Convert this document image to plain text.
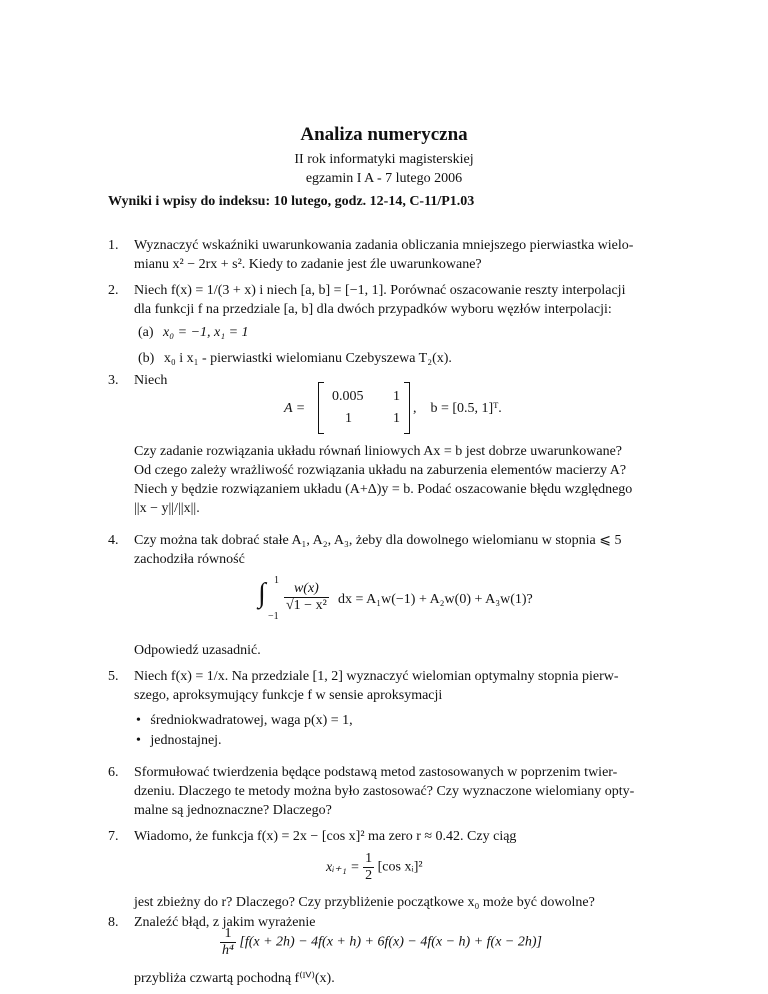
Analiza numeryczna
II rok informatyki magisterskiej
egzamin I A - 7 lutego 2006
Wyniki i wpisy do indeksu: 10 lutego, godz. 12-14, C-11/P1.03
1. Wyznaczyć wskaźniki uwarunkowania zadania obliczania mniejszego pierwiastka wielo-

mianu x² − 2rx + s². Kiedy to zadanie jest źle uwarunkowane?

2. Niech f(x) = 1/(3 + x) i niech [a, b] = [−1, 1]. Porównać oszacowanie reszty interpolacji

dla funkcji f na przedziale [a, b] dla dwóch przypadków wyboru węzłów interpolacji:

(a) x₀ = −1, x₁ = 1
(b) x₀ i x₁ - pierwiastki wielomianu Czebyszewa T₂(x).
3. Niech

A =
0.005 1
1	1
,    b = [0.5, 1]ᵀ.

Czy zadanie rozwiązania układu równań liniowych Ax = b jest dobrze uwarunkowane?

Od czego zależy wrażliwość rozwiązania układu na zaburzenia elementów macierzy A?

Niech y będzie rozwiązaniem układu (A+Δ)y = b. Podać oszacowanie błędu względnego

||x − y||/||x||.

4. Czy można tak dobrać stałe A₁, A₂, A₃, żeby dla dowolnego wielomianu w stopnia ⩽ 5

zachodziła równość

∫ 1
−1
$\frac{w(x)}{\text{√1 − x²}}$ dx = A₁w(−1) + A₂w(0) + A₃w(1)?

Odpowiedź uzasadnić.

5. Niech f(x) = 1/x. Na przedziale [1, 2] wyznaczyć wielomian optymalny stopnia pierw-

szego, aproksymujący funkcje f w sensie aproksymacji

• średniokwadratowej, waga p(x) = 1,
• jednostajnej.
6. Sformułować twierdzenia będące podstawą metod zastosowanych w poprzenim twier-

dzeniu. Dlaczego te metody można było zastosować? Czy wyznaczone wielomiany opty-

malne są jednoznaczne? Dlaczego?

7. Wiadomo, że funkcja f(x) = 2x − [cos x]² ma zero r ≈ 0.42. Czy ciąg

xᵢ₊₁ = $\frac{1}{2} [\cos$ xᵢ]²

jest zbieżny do r? Dlaczego? Czy przybliżenie początkowe x₀ może być dowolne?

8. Znaleźć błąd, z jakim wyrażenie

$\frac{1}{\text{h⁴}} [f(x + 2h) - 4f(x + h) + 6f(x) - 4f(x - h) + f(x - 2h)]$

przybliża czwartą pochodną f⁽ᴵⱽ⁾(x).
